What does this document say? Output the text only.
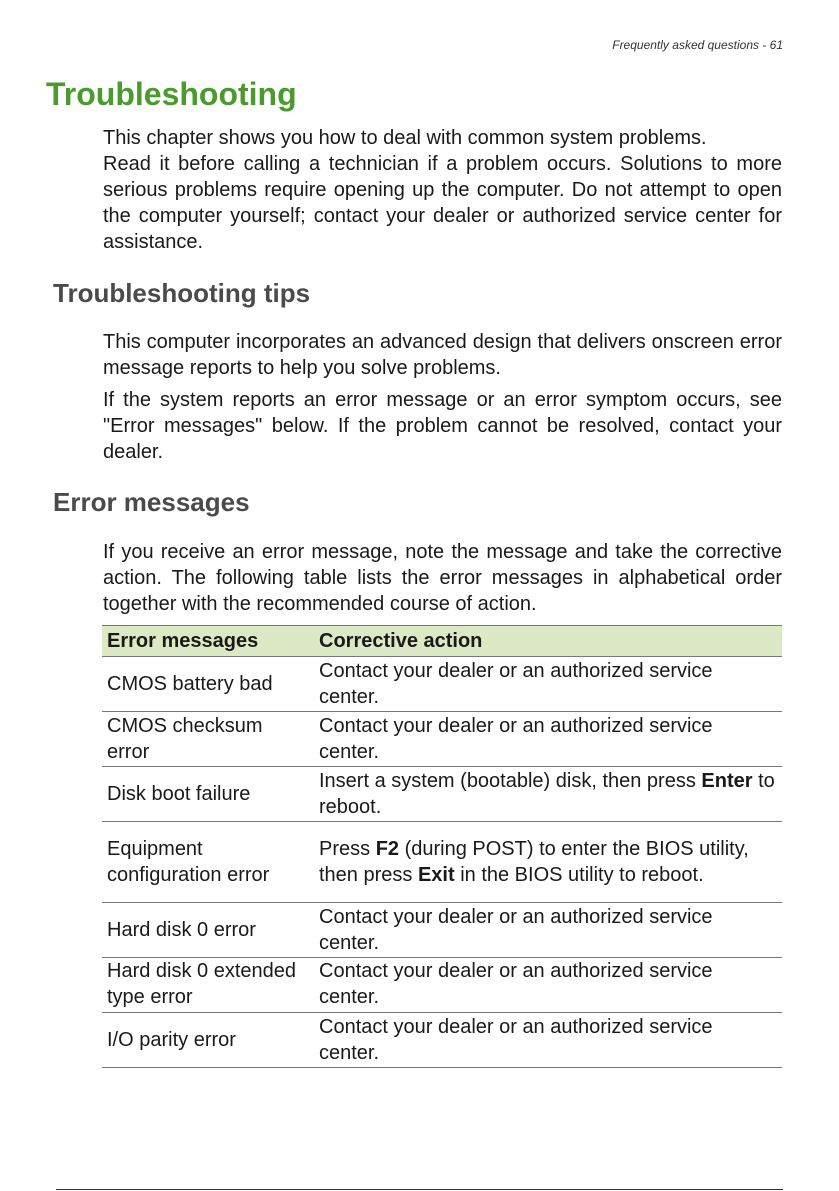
Frequently asked questions - 61
Troubleshooting

This chapter shows you how to deal with common system problems.

Read it before calling a technician if a problem occurs. Solutions to more serious problems require opening up the computer. Do not attempt to open the computer yourself; contact your dealer or authorized service center for assistance.

Troubleshooting tips

This computer incorporates an advanced design that delivers onscreen error message reports to help you solve problems.

If the system reports an error message or an error symptom occurs, see "Error messages" below. If the problem cannot be resolved, contact your dealer.

Error messages

If you receive an error message, note the message and take the corrective action. The following table lists the error messages in alphabetical order together with the recommended course of action.

Error messages	Corrective action
CMOS battery bad	Contact your dealer or an authorized service center.
CMOS checksum error	Contact your dealer or an authorized service center.
Disk boot failure	Insert a system (bootable) disk, then press Enter to reboot.
Equipment configuration error	Press F2 (during POST) to enter the BIOS utility, then press Exit in the BIOS utility to reboot.
Hard disk 0 error	Contact your dealer or an authorized service center.
Hard disk 0 extended type error	Contact your dealer or an authorized service center.
I/O parity error	Contact your dealer or an authorized service center.
